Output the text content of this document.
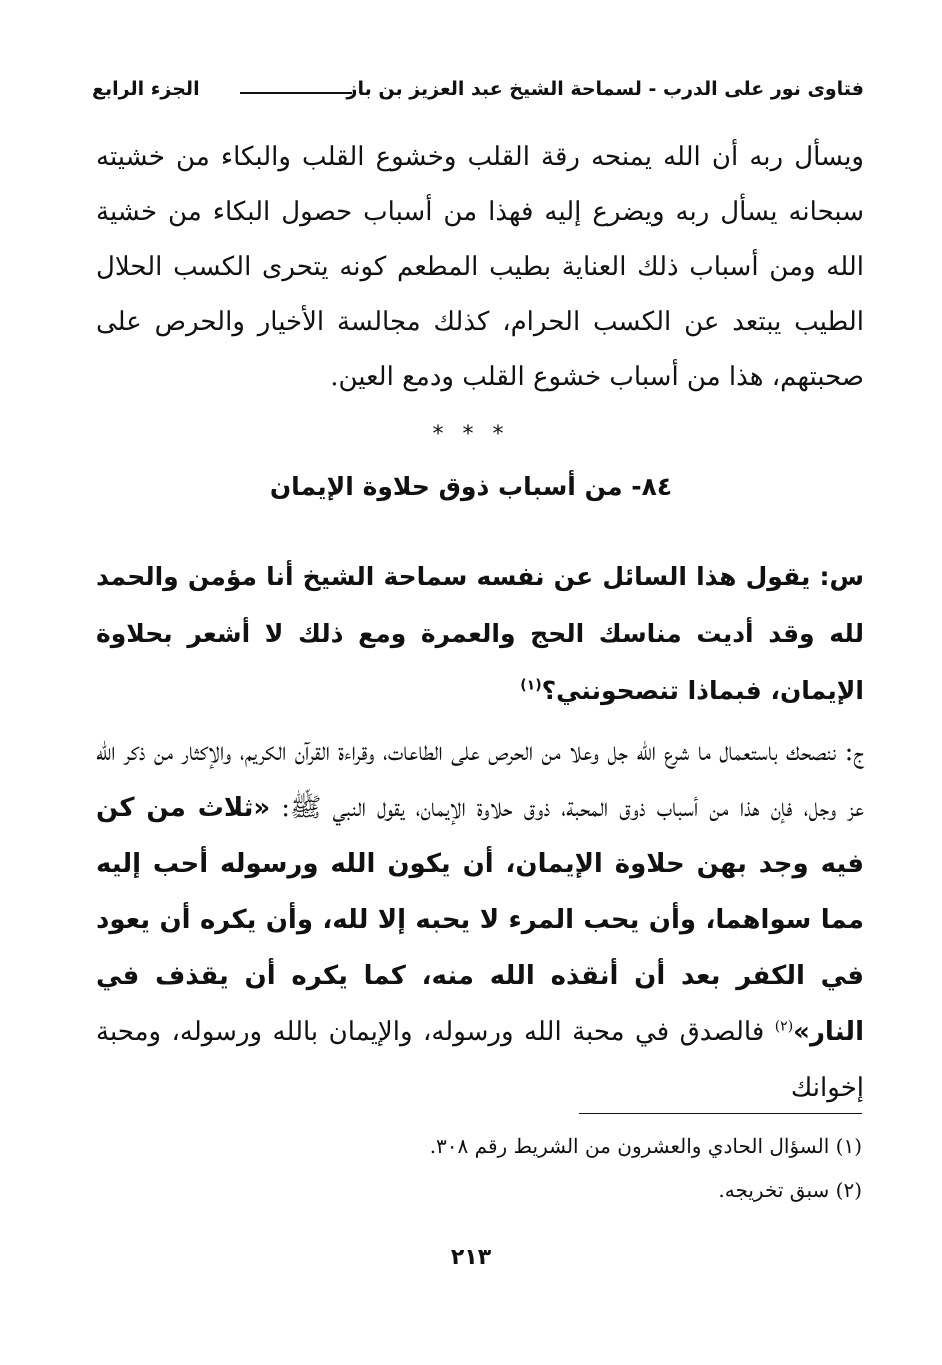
فتاوى نور على الدرب - لسماحة الشيخ عبد العزيز بن باز
الجزء الرابع

ويسأل ربه أن الله يمنحه رقة القلب وخشوع القلب والبكاء من خشيته سبحانه يسأل ربه ويضرع إليه فهذا من أسباب حصول البكاء من خشية الله ومن أسباب ذلك العناية بطيب المطعم كونه يتحرى الكسب الحلال الطيب يبتعد عن الكسب الحرام، كذلك مجالسة الأخيار والحرص على صحبتهم، هذا من أسباب خشوع القلب ودمع العين.

* * *
٨٤- من أسباب ذوق حلاوة الإيمان

س: يقول هذا السائل عن نفسه سماحة الشيخ أنا مؤمن والحمد لله وقد أديت مناسك الحج والعمرة ومع ذلك لا أشعر بحلاوة الإيمان، فبماذا تنصحونني؟$^{(١)}$

ج: ننصحك باستعمال ما شرع الله جل وعلا من الحرص على الطاعات، وقراءة القرآن الكريم، والإكثار من ذكر الله عز وجل، فإن هذا من أسباب ذوق المحبة، ذوق حلاوة الإيمان، يقول النبي ﷺ: «ثلاث من كن فيه وجد بهن حلاوة الإيمان، أن يكون الله ورسوله أحب إليه مما سواهما، وأن يحب المرء لا يحبه إلا لله، وأن يكره أن يعود في الكفر بعد أن أنقذه الله منه، كما يكره أن يقذف في النار»$^{(٢)}$ فالصدق في محبة الله ورسوله، والإيمان بالله ورسوله، ومحبة إخوانك

(١) السؤال الحادي والعشرون من الشريط رقم ٣٠٨.
(٢) سبق تخريجه.
٢١٣
